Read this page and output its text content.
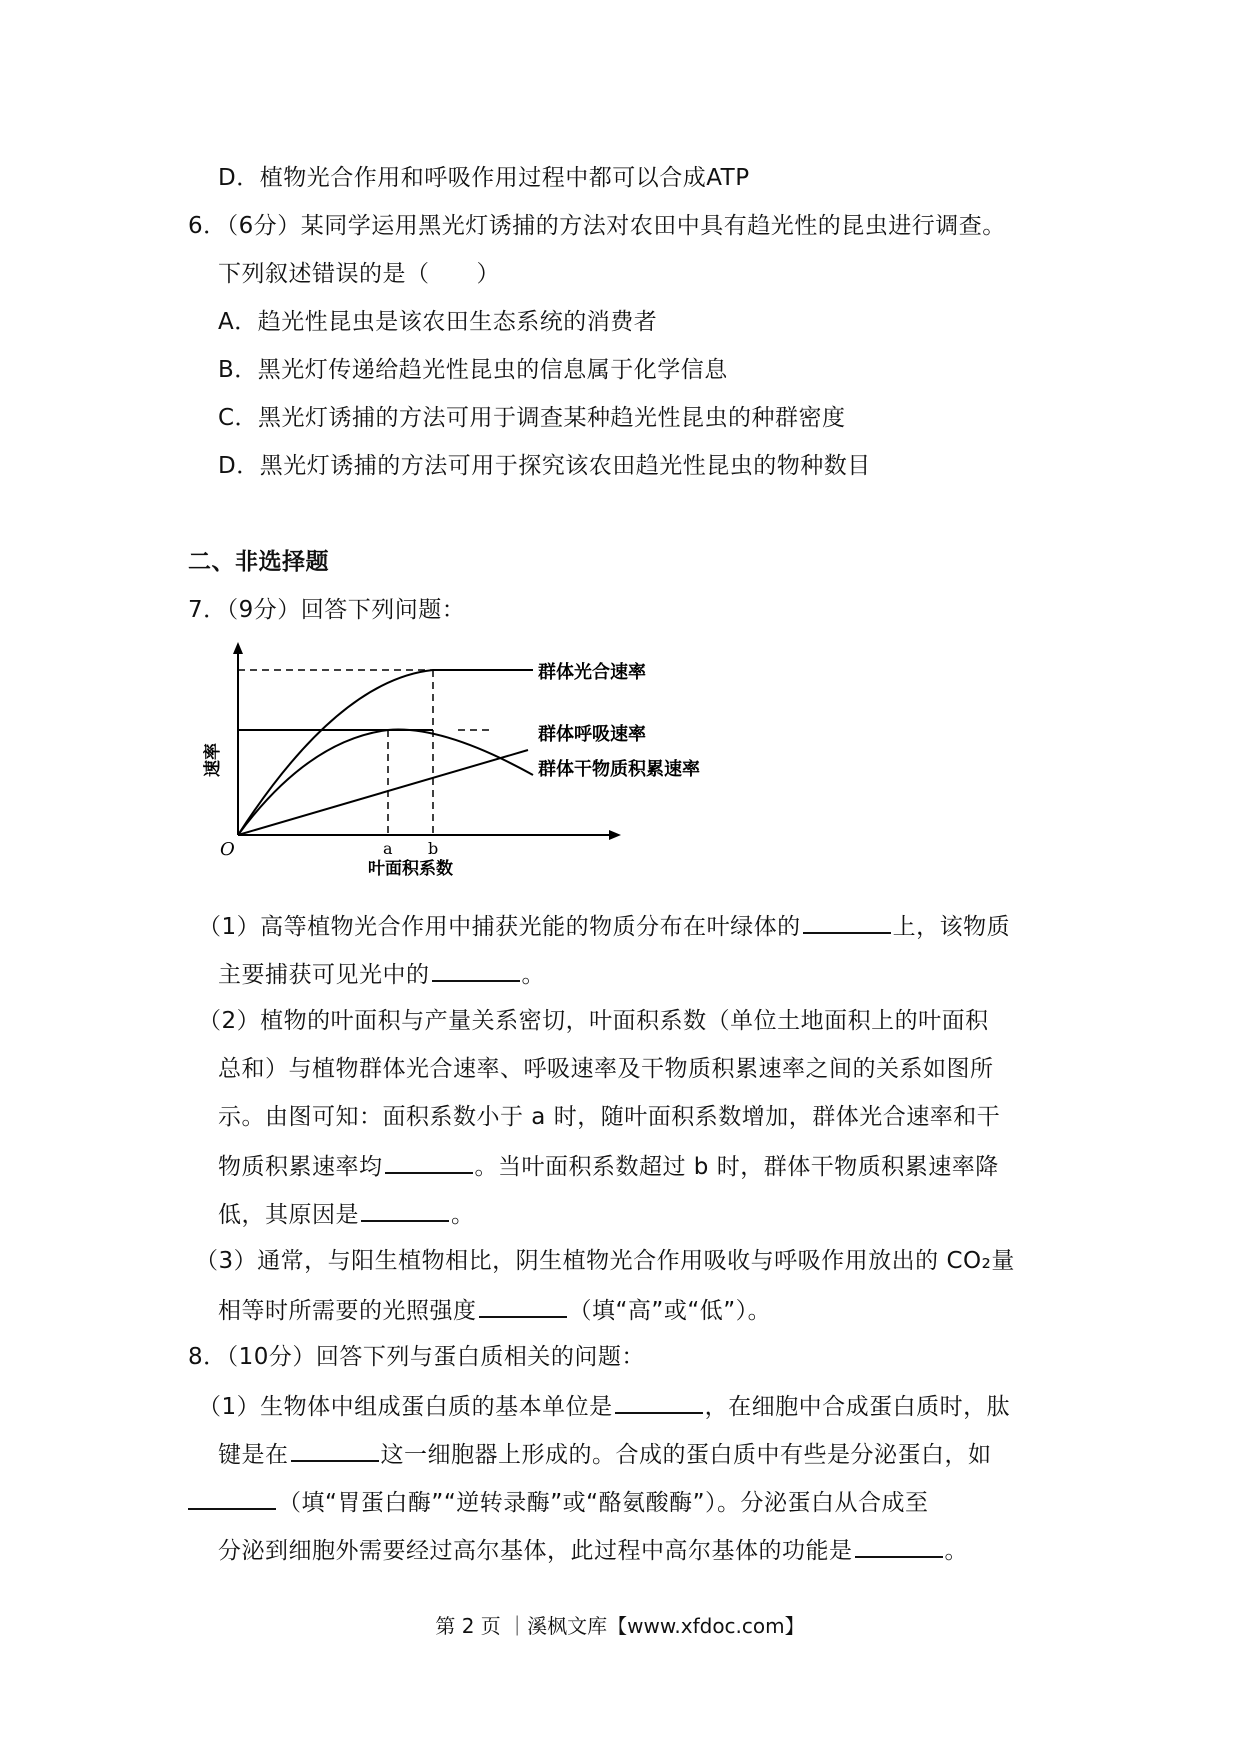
D．植物光合作用和呼吸作用过程中都可以合成ATP
6．（6分）某同学运用黑光灯诱捕的方法对农田中具有趋光性的昆虫进行调查。
下列叙述错误的是（　　）
A．趋光性昆虫是该农田生态系统的消费者
B．黑光灯传递给趋光性昆虫的信息属于化学信息
C．黑光灯诱捕的方法可用于调查某种趋光性昆虫的种群密度
D．黑光灯诱捕的方法可用于探究该农田趋光性昆虫的物种数目
二、非选择题
7．（9分）回答下列问题：
群体光合速率
群体呼吸速率
群体干物质积累速率
O	a b
叶面积系数
速率
（1）高等植物光合作用中捕获光能的物质分布在叶绿体的	上，该物质
主要捕获可见光中的	。
（2）植物的叶面积与产量关系密切，叶面积系数（单位土地面积上的叶面积
总和）与植物群体光合速率、呼吸速率及干物质积累速率之间的关系如图所
示。由图可知：面积系数小于 a 时，随叶面积系数增加，群体光合速率和干
物质积累速率均	。当叶面积系数超过 b 时，群体干物质积累速率降
低，其原因是	。
（3）通常，与阳生植物相比，阴生植物光合作用吸收与呼吸作用放出的 CO₂量
相等时所需要的光照强度	（填“高”或“低”）。
8．（10分）回答下列与蛋白质相关的问题：
（1）生物体中组成蛋白质的基本单位是	，在细胞中合成蛋白质时，肽
键是在	这一细胞器上形成的。合成的蛋白质中有些是分泌蛋白，如
（填“胃蛋白酶”“逆转录酶”或“酪氨酸酶”）。分泌蛋白从合成至
分泌到细胞外需要经过高尔基体，此过程中高尔基体的功能是	。
第 2 页 ｜溪枫文库【www.xfdoc.com】
